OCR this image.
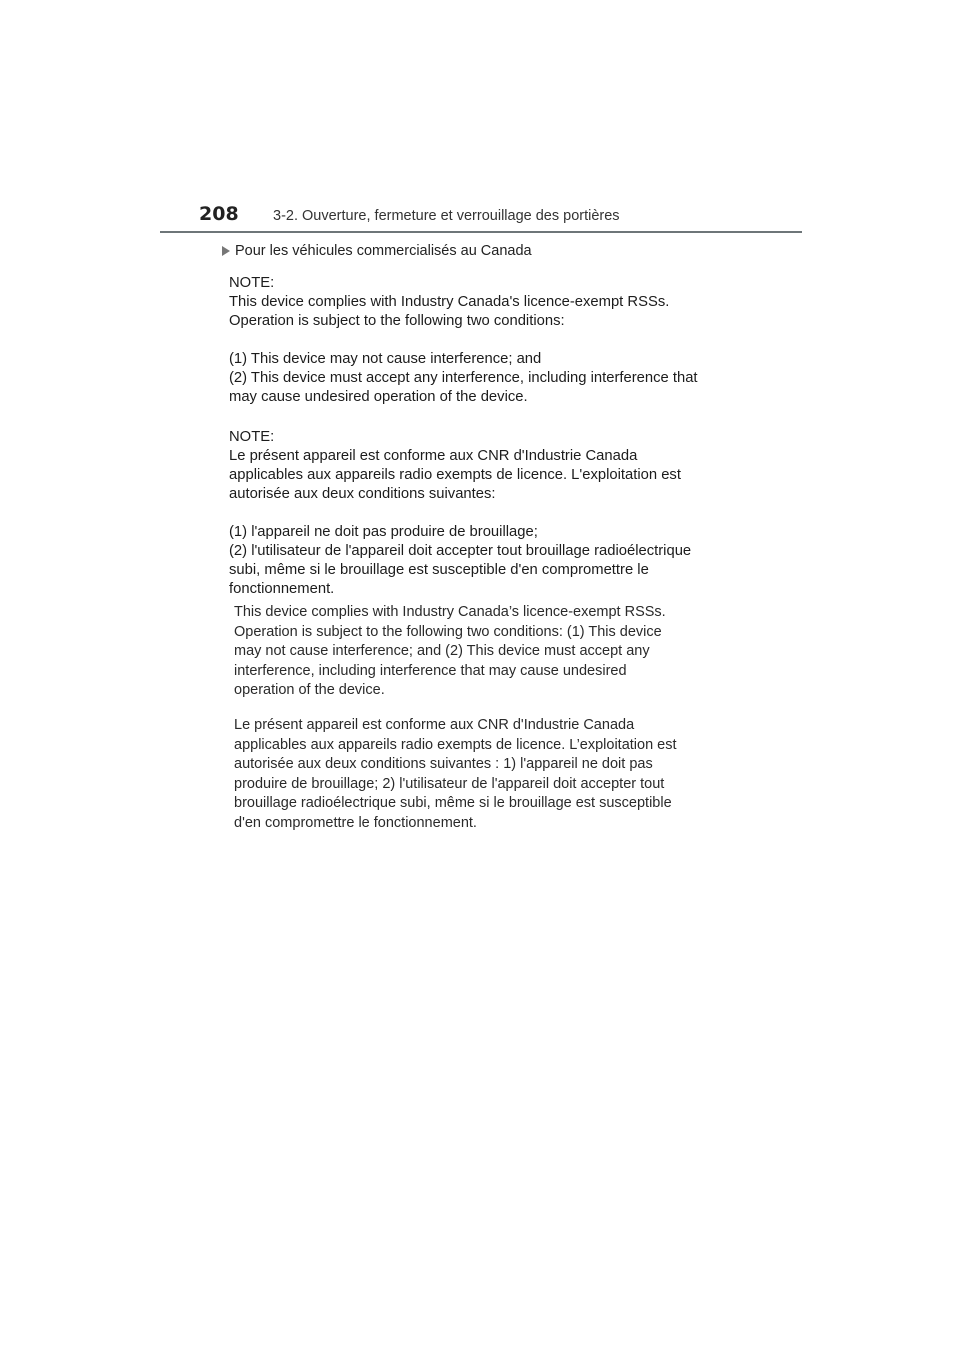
208 3-2. Ouverture, fermeture et verrouillage des portières
Pour les véhicules commercialisés au Canada

NOTE:

This device complies with Industry Canada's licence-exempt RSSs.

Operation is subject to the following two conditions:

(1) This device may not cause interference; and

(2) This device must accept any interference, including interference that

may cause undesired operation of the device.

NOTE:

Le présent appareil est conforme aux CNR d'Industrie Canada

applicables aux appareils radio exempts de licence. L'exploitation est

autorisée aux deux conditions suivantes:

(1) l'appareil ne doit pas produire de brouillage;

(2) l'utilisateur de l'appareil doit accepter tout brouillage radioélectrique

subi, même si le brouillage est susceptible d'en compromettre le

fonctionnement.

This device complies with Industry Canada’s licence-exempt RSSs.

Operation is subject to the following two conditions: (1) This device

may not cause interference; and (2) This device must accept any

interference, including interference that may cause undesired

operation of the device.

Le présent appareil est conforme aux CNR d'Industrie Canada

applicables aux appareils radio exempts de licence. L’exploitation est

autorisée aux deux conditions suivantes : 1) l'appareil ne doit pas

produire de brouillage; 2) l'utilisateur de l'appareil doit accepter tout

brouillage radioélectrique subi, même si le brouillage est susceptible

d'en compromettre le fonctionnement.
